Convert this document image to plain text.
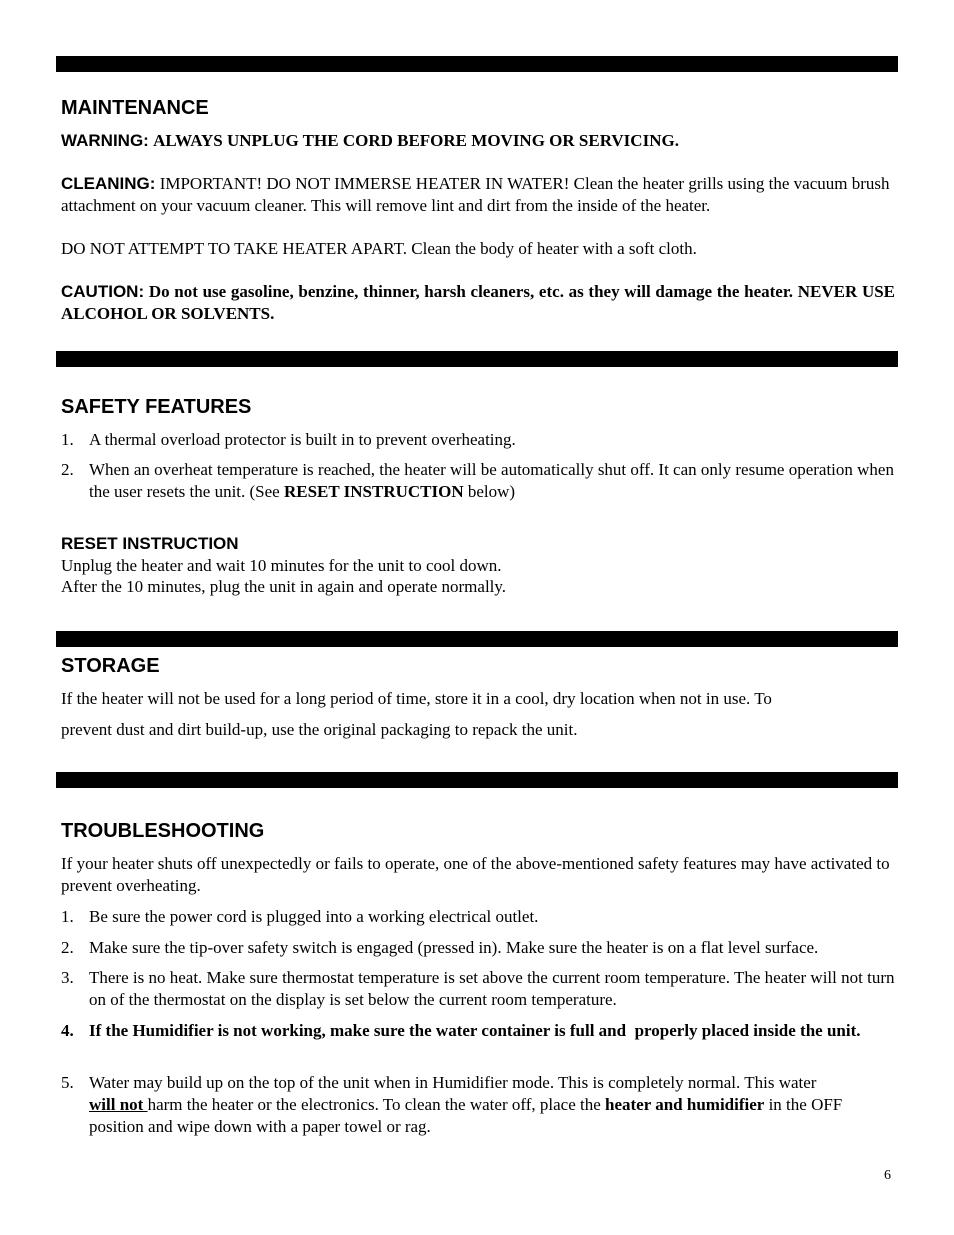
MAINTENANCE
WARNING: ALWAYS UNPLUG THE CORD BEFORE MOVING OR SERVICING.
CLEANING: IMPORTANT! DO NOT IMMERSE HEATER IN WATER! Clean the heater grills using the vacuum brush attachment on your vacuum cleaner. This will remove lint and dirt from the inside of the heater.
DO NOT ATTEMPT TO TAKE HEATER APART. Clean the body of heater with a soft cloth.
CAUTION: Do not use gasoline, benzine, thinner, harsh cleaners, etc. as they will damage the heater. NEVER USE ALCOHOL OR SOLVENTS.
SAFETY FEATURES
1. A thermal overload protector is built in to prevent overheating.
2. When an overheat temperature is reached, the heater will be automatically shut off. It can only resume operation when the user resets the unit. (See RESET INSTRUCTION below)
RESET INSTRUCTION
Unplug the heater and wait 10 minutes for the unit to cool down.
After the 10 minutes, plug the unit in again and operate normally.
STORAGE
If the heater will not be used for a long period of time, store it in a cool, dry location when not in use. To
prevent dust and dirt build-up, use the original packaging to repack the unit.
TROUBLESHOOTING
If your heater shuts off unexpectedly or fails to operate, one of the above-mentioned safety features may have activated to prevent overheating.
1. Be sure the power cord is plugged into a working electrical outlet.
2. Make sure the tip-over safety switch is engaged (pressed in). Make sure the heater is on a flat level surface.
3. There is no heat. Make sure thermostat temperature is set above the current room temperature. The heater will not turn on of the thermostat on the display is set below the current room temperature.
4. If the Humidifier is not working, make sure the water container is full and  properly placed inside the unit.
5. Water may build up on the top of the unit when in Humidifier mode. This is completely normal. This water
will not harm the heater or the electronics. To clean the water off, place the heater and humidifier in the OFF position and wipe down with a paper towel or rag.
6
